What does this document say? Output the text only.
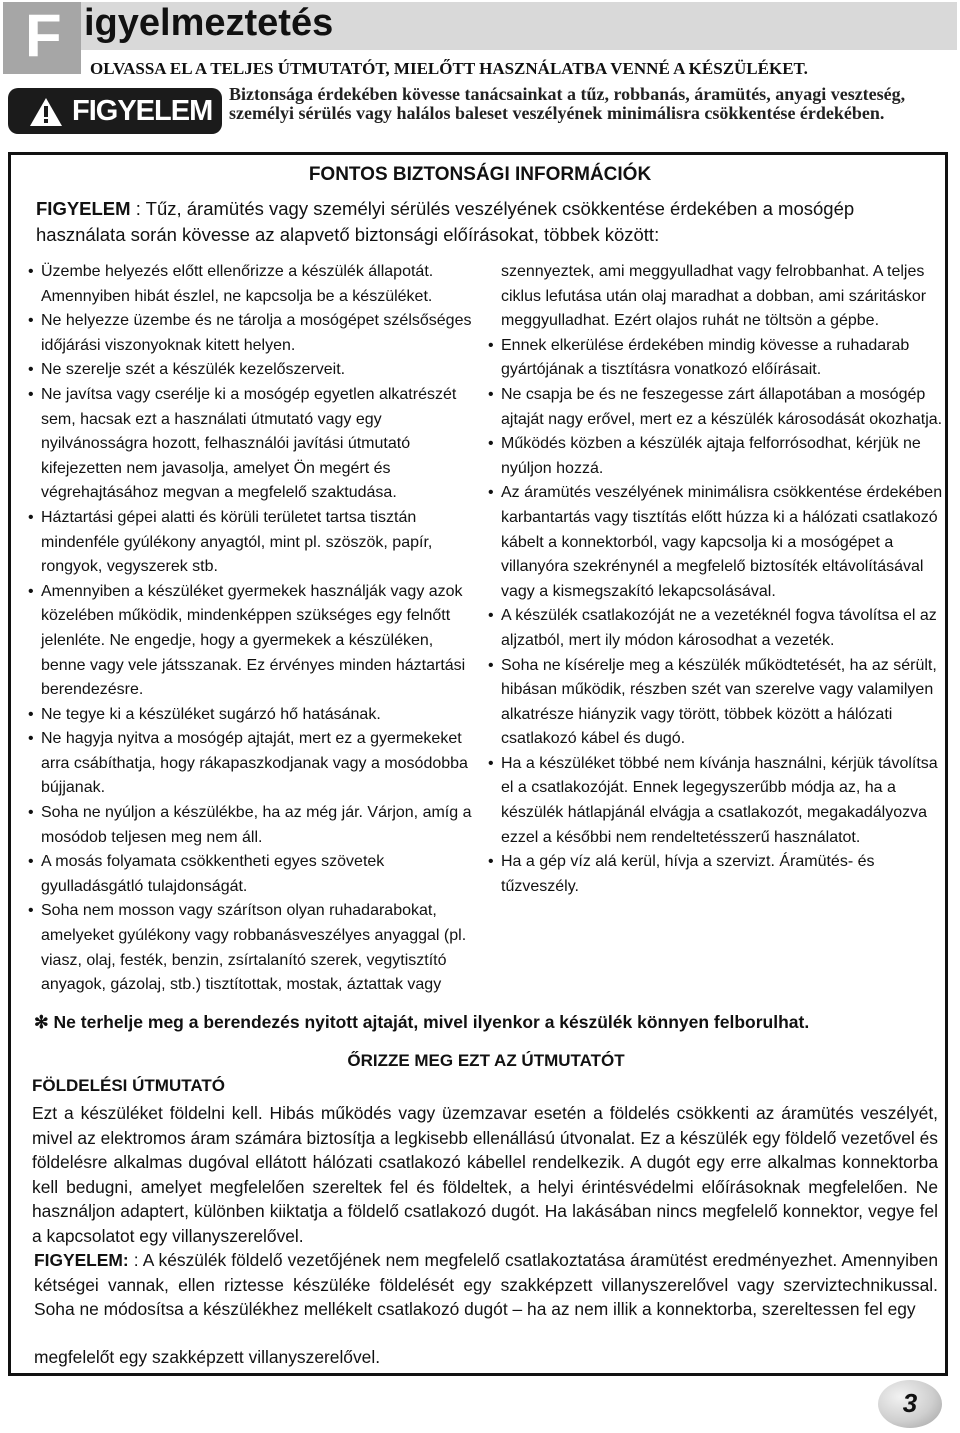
F igyelmeztetés
OLVASSA EL A TELJES ÚTMUTATÓT, MIELŐTT HASZNÁLATBA VENNÉ A KÉSZÜLÉKET.
FIGYELEM
Biztonsága érdekében kövesse tanácsainkat a tűz, robbanás, áramütés, anyagi veszteség, személyi sérülés vagy halálos baleset veszélyének minimálisra csökkentése érdekében.
FONTOS BIZTONSÁGI INFORMÁCIÓK
FIGYELEM : Tűz, áramütés vagy személyi sérülés veszélyének csökkentése érdekében a mosógép használata során kövesse az alapvető biztonsági előírásokat, többek között:
• Üzembe helyezés előtt ellenőrizze a készülék állapotát. Amennyiben hibát észlel, ne kapcsolja be a készüléket.
• Ne helyezze üzembe és ne tárolja a mosógépet szélsőséges időjárási viszonyoknak kitett helyen.
• Ne szerelje szét a készülék kezelőszerveit.
• Ne javítsa vagy cserélje ki a mosógép egyetlen alkatrészét sem, hacsak ezt a használati útmutató vagy egy nyilvánosságra hozott, felhasználói javítási útmutató kifejezetten nem javasolja, amelyet Ön megért és végrehajtásához megvan a megfelelő szaktudása.
• Háztartási gépei alatti és körüli területet tartsa tisztán mindenféle gyúlékony anyagtól, mint pl. szöszök, papír, rongyok, vegyszerek stb.
• Amennyiben a készüléket gyermekek használják vagy azok közelében működik, mindenképpen szükséges egy felnőtt jelenléte. Ne engedje, hogy a gyermekek a készüléken, benne vagy vele játsszanak. Ez érvényes minden háztartási berendezésre.
• Ne tegye ki a készüléket sugárzó hő hatásának.
• Ne hagyja nyitva a mosógép ajtaját, mert ez a gyermekeket arra csábíthatja, hogy rákapaszkodjanak vagy a mosódobba bújjanak.
• Soha ne nyúljon a készülékbe, ha az még jár. Várjon, amíg a mosódob teljesen meg nem áll.
• A mosás folyamata csökkentheti egyes szövetek gyulladásgátló tulajdonságát.
• Soha nem mosson vagy szárítson olyan ruhadarabokat, amelyeket gyúlékony vagy robbanásveszélyes anyaggal (pl. viasz, olaj, festék, benzin, zsírtalanító szerek, vegytisztító anyagok, gázolaj, stb.) tisztítottak, mostak, áztattak vagy
szennyeztek, ami meggyulladhat vagy felrobbanhat. A teljes ciklus lefutása után olaj maradhat a dobban, ami száritáskor meggyulladhat. Ezért olajos ruhát ne töltsön a gépbe.
• Ennek elkerülése érdekében mindig kövesse a ruhadarab gyártójának a tisztításra vonatkozó előírásait.
• Ne csapja be és ne feszegesse zárt állapotában a mosógép ajtaját nagy erővel, mert ez a készülék károsodását okozhatja.
• Működés közben a készülék ajtaja felforrósodhat, kérjük ne nyúljon hozzá.
• Az áramütés veszélyének minimálisra csökkentése érdekében karbantartás vagy tisztítás előtt húzza ki a hálózati csatlakozó kábelt a konnektorból, vagy kapcsolja ki a mosógépet a villanyóra szekrénynél a megfelelő biztosíték eltávolításával vagy a kismegszakító lekapcsolásával.
• A készülék csatlakozóját ne a vezetéknél fogva távolítsa el az aljzatból, mert ily módon károsodhat a vezeték.
• Soha ne kísérelje meg a készülék működtetését, ha az sérült, hibásan működik, részben szét van szerelve vagy valamilyen alkatrésze hiányzik vagy törött, többek között a hálózati csatlakozó kábel és dugó.
• Ha a készüléket többé nem kívánja használni, kérjük távolítsa el a csatlakozóját. Ennek legegyszerűbb módja az, ha a készülék hátlapjánál elvágja a csatlakozót, megakadályozva ezzel a későbbi nem rendeltetésszerű használatot.
• Ha a gép víz alá kerül, hívja a szervizt. Áramütés- és tűzveszély.
✻ Ne terhelje meg a berendezés nyitott ajtaját, mivel ilyenkor a készülék könnyen felborulhat.
ŐRIZZE MEG EZT AZ ÚTMUTATÓT
FÖLDELÉSI ÚTMUTATÓ
Ezt a készüléket földelni kell. Hibás működés vagy üzemzavar esetén a földelés csökkenti az áramütés veszélyét, mivel az elektromos áram számára biztosítja a legkisebb ellenállású útvonalat. Ez a készülék egy földelő vezetővel és földelésre alkalmas dugóval ellátott hálózati csatlakozó kábellel rendelkezik. A dugót egy erre alkalmas konnektorba kell bedugni, amelyet megfelelően szereltek fel és földeltek, a helyi érintésvédelmi előírásoknak megfelelően. Ne használjon adaptert, különben kiiktatja a földelő csatlakozó dugót. Ha lakásában nincs megfelelő konnektor, vegye fel a kapcsolatot egy villanyszerelővel.
FIGYELEM: : A készülék földelő vezetőjének nem megfelelő csatlakoztatása áramütést eredményezhet. Amennyiben kétségei vannak, ellen riztesse készüléke földelését egy szakképzett villanyszerelővel vagy szerviztechnikussal. Soha ne módosítsa a készülékhez mellékelt csatlakozó dugót – ha az nem illik a konnektorba, szereltessen fel egy
megfelelőt egy szakképzett villanyszerelővel.
3
